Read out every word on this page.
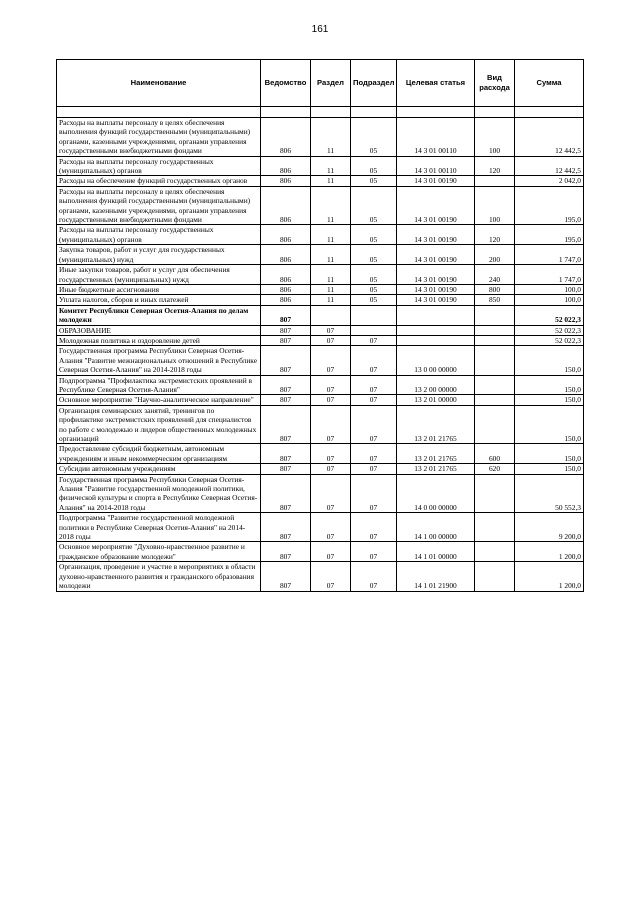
161
Наименование	Ведомство	Раздел	Подраздел	Целевая статья	Вид расхода	Сумма

Расходы на выплаты персоналу в целях обеспечения выполнения функций государственными (муниципальными) органами, казенными учреждениями, органами управления государственными внебюджетными фондами	806	11	05	14 3 01 00110	100	12 442,5
Расходы на выплаты персоналу государственных (муниципальных) органов	806	11	05	14 3 01 00110	120	12 442,5
Расходы на обеспечение функций государственных органов	806	11	05	14 3 01 00190		2 042,0
Расходы на выплаты персоналу в целях обеспечения выполнения функций государственными (муниципальными) органами, казенными учреждениями, органами управления государственными внебюджетными фондами	806	11	05	14 3 01 00190	100	195,0
Расходы на выплаты персоналу государственных (муниципальных) органов	806	11	05	14 3 01 00190	120	195,0
Закупка товаров, работ и услуг для государственных (муниципальных) нужд	806	11	05	14 3 01 00190	200	1 747,0
Иные закупки товаров, работ и услуг для обеспечения государственных (муниципальных) нужд	806	11	05	14 3 01 00190	240	1 747,0
Иные бюджетные ассигнования	806	11	05	14 3 01 00190	800	100,0
Уплата налогов, сборов и иных платежей	806	11	05	14 3 01 00190	850	100,0
Комитет Республики Северная Осетия-Алания по делам молодежи	807					52 022,3
ОБРАЗОВАНИЕ	807	07				52 022,3
Молодежная политика и оздоровление детей	807	07	07			52 022,3
Государственная программа Республики Северная Осетия-Алания "Развитие межнациональных отношений в Республике Северная Осетия-Алания" на 2014-2018 годы	807	07	07	13 0 00 00000		150,0
Подпрограмма "Профилактика экстремистских проявлений в Республике Северная Осетия-Алания"	807	07	07	13 2 00 00000		150,0
Основное мероприятие "Научно-аналитическое направление"	807	07	07	13 2 01 00000		150,0
Организация семинарских занятий, тренингов по профилактике экстремистских проявлений для специалистов по работе с молодежью и лидеров общественных молодежных организаций	807	07	07	13 2 01 21765		150,0
Предоставление субсидий бюджетным, автономным учреждениям и иным некоммерческим организациям	807	07	07	13 2 01 21765	600	150,0
Субсидии автономным учреждениям	807	07	07	13 2 01 21765	620	150,0
Государственная программа Республики Северная Осетия-Алания "Развитие государственной молодежной политики, физической культуры и спорта в Республике Северная Осетия-Алания" на 2014-2018 годы	807	07	07	14 0 00 00000		50 552,3
Подпрограмма "Развитие государственной молодежной политики в Республике Северная Осетия-Алания" на 2014-2018 годы	807	07	07	14 1 00 00000		9 200,0
Основное мероприятие "Духовно-нравственное развитие и гражданское образование молодежи"	807	07	07	14 1 01 00000		1 200,0
Организация, проведение и участие в мероприятиях в области духовно-нравственного развития и гражданского образования молодежи	807	07	07	14 1 01 21900		1 200,0
